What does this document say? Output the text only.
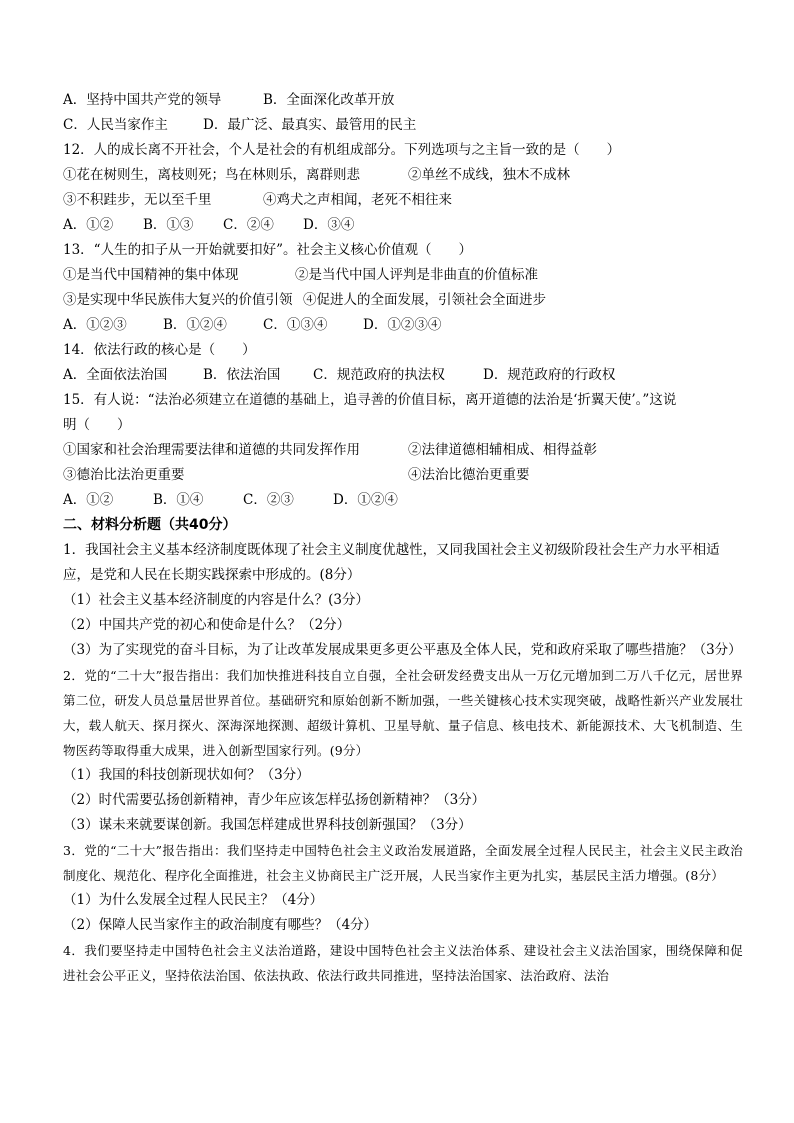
A．坚持中国共产党的领导	B．全面深化改革开放
C．人民当家作主	D．最广泛、最真实、最管用的民主
12．人的成长离不开社会，个人是社会的有机组成部分。下列选项与之主旨一致的是（　　）
①花在树则生，离枝则死；鸟在林则乐，离群则悲	②单丝不成线，独木不成林
③不积跬步，无以至千里	④鸡犬之声相闻，老死不相往来
A．①② B．①③ C．②④ D．③④
13．“人生的扣子从一开始就要扣好”。社会主义核心价值观（　　）
①是当代中国精神的集中体现	②是当代中国人评判是非曲直的价值标准
③是实现中华民族伟大复兴的价值引领 ④促进人的全面发展，引领社会全面进步
A．①②③	B．①②④	C．①③④	D．①②③④
14．依法行政的核心是（　　）
A．全面依法治国	B．依法治国 C．规范政府的执法权	D．规范政府的行政权
15．有人说：“法治必须建立在道德的基础上，追寻善的价值目标，离开道德的法治是‘折翼天使’。”这说
明（　　）
①国家和社会治理需要法律和道德的共同发挥作用	②法律道德相辅相成、相得益彰
③德治比法治更重要	④法治比德治更重要
A．①②	B．①④	C．②③	D．①②④
二、材料分析题（共40分）
1．我国社会主义基本经济制度既体现了社会主义制度优越性，又同我国社会主义初级阶段社会生产力水平相适应，是党和人民在长期实践探索中形成的。(8分）
（1）社会主义基本经济制度的内容是什么？(3分）
（2）中国共产党的初心和使命是什么？（2分）
（3）为了实现党的奋斗目标，为了让改革发展成果更多更公平惠及全体人民，党和政府采取了哪些措施？（3分）
2．党的“二十大”报告指出：我们加快推进科技自立自强，全社会研发经费支出从一万亿元增加到二万八千亿元，居世界第二位，研发人员总量居世界首位。基础研究和原始创新不断加强，一些关键核心技术实现突破，战略性新兴产业发展壮大，载人航天、探月探火、深海深地探测、超级计算机、卫星导航、量子信息、核电技术、新能源技术、大飞机制造、生物医药等取得重大成果，进入创新型国家行列。(9分）
（1）我国的科技创新现状如何？（3分）
（2）时代需要弘扬创新精神，青少年应该怎样弘扬创新精神？（3分）
（3）谋未来就要谋创新。我国怎样建成世界科技创新强国？（3分）
3．党的“二十大”报告指出：我们坚持走中国特色社会主义政治发展道路，全面发展全过程人民民主，社会主义民主政治制度化、规范化、程序化全面推进，社会主义协商民主广泛开展，人民当家作主更为扎实，基层民主活力增强。(8分）
（1）为什么发展全过程人民民主？（4分）
（2）保障人民当家作主的政治制度有哪些？（4分）
4．我们要坚持走中国特色社会主义法治道路，建设中国特色社会主义法治体系、建设社会主义法治国家，围绕保障和促进社会公平正义，坚持依法治国、依法执政、依法行政共同推进，坚持法治国家、法治政府、法治
